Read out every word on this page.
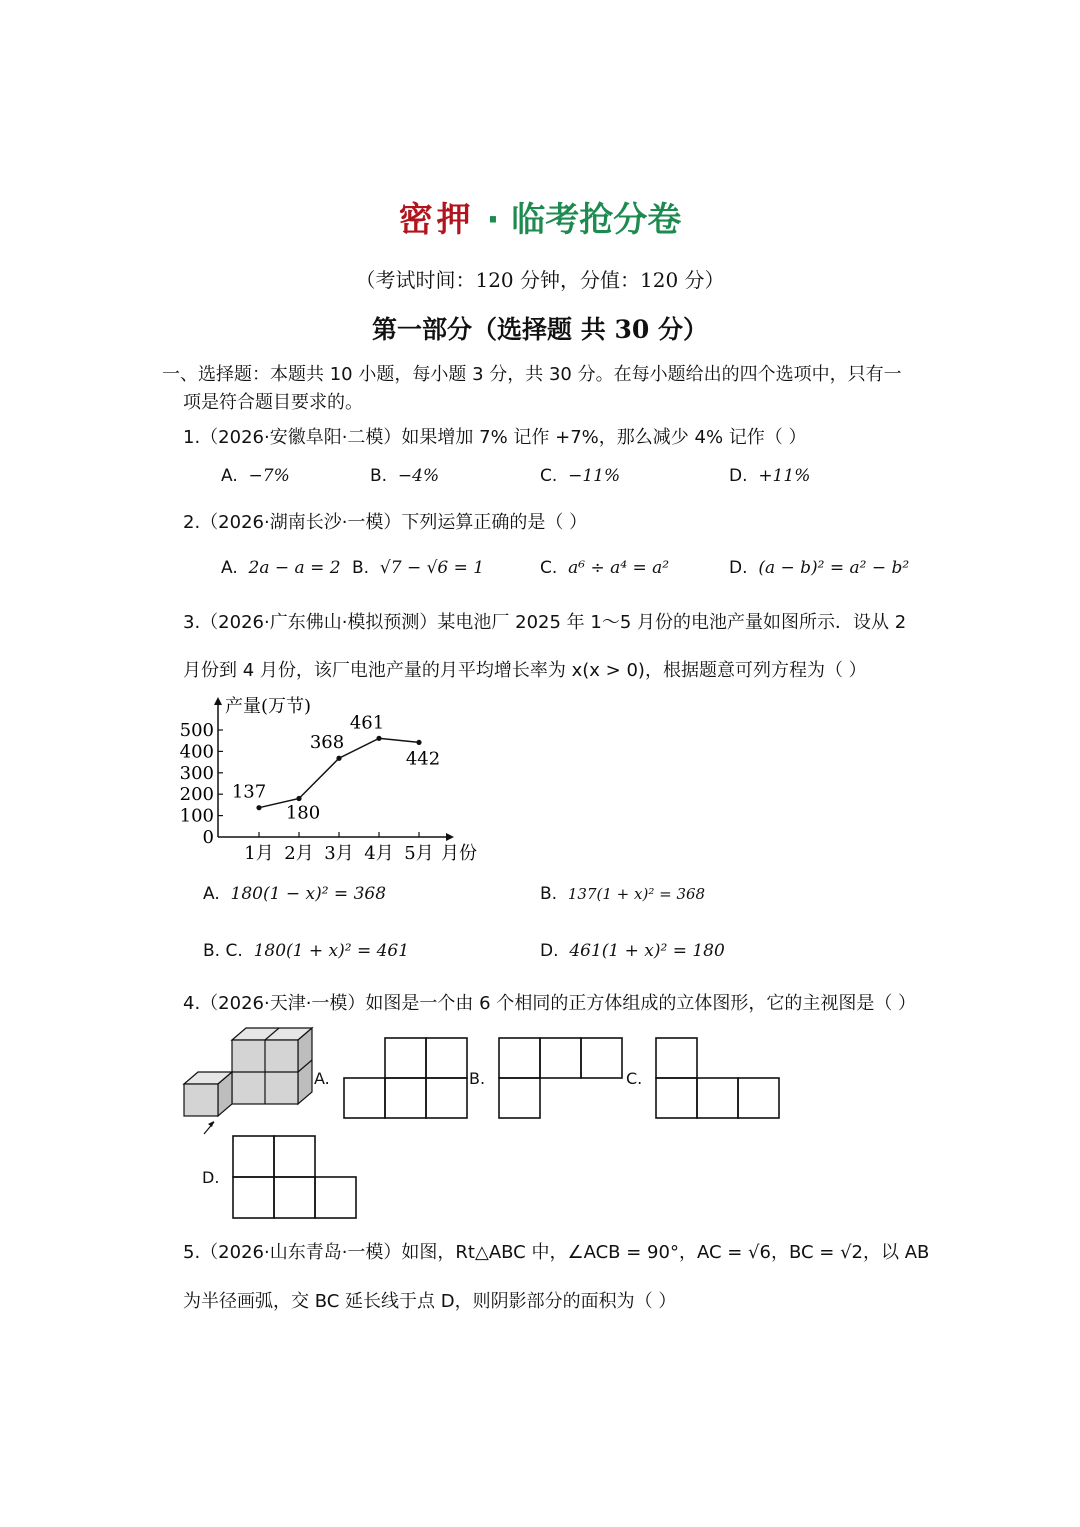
密押 · 临考抢分卷
（考试时间：120 分钟，分值：120 分）
第一部分（选择题 共 30 分）
一、选择题：本题共 10 小题，每小题 3 分，共 30 分。在每小题给出的四个选项中，只有一
项是符合题目要求的。
1.（2026·安徽阜阳·二模）如果增加 7% 记作 +7%，那么减少 4% 记作（ ）
A. −7%	B. −4%	C. −11%	D. +11%
2.（2026·湖南长沙·一模）下列运算正确的是（ ）
A. 2a − a = 2 B. √7 − √6 = 1	C. a⁶ ÷ a⁴ = a²	D. (a − b)² = a² − b²
3.（2026·广东佛山·模拟预测）某电池厂 2025 年 1～5 月份的电池产量如图所示．设从 2
月份到 4 月份，该厂电池产量的月平均增长率为 x(x > 0)，根据题意可列方程为（ ）
产量(万节)
月份
0
100
200
300
400
500
1月 2月 3月 4月 5月
137
180
368
461
442
A. 180(1 − x)² = 368	B. 137(1 + x)² = 368
B. C. 180(1 + x)² = 461	D. 461(1 + x)² = 180
4.（2026·天津·一模）如图是一个由 6 个相同的正方体组成的立体图形，它的主视图是（ ）
A.	B.	C.
D.
5.（2026·山东青岛·一模）如图，Rt△ABC 中，∠ACB = 90°，AC = √6，BC = √2，以 AB
为半径画弧，交 BC 延长线于点 D，则阴影部分的面积为（ ）
